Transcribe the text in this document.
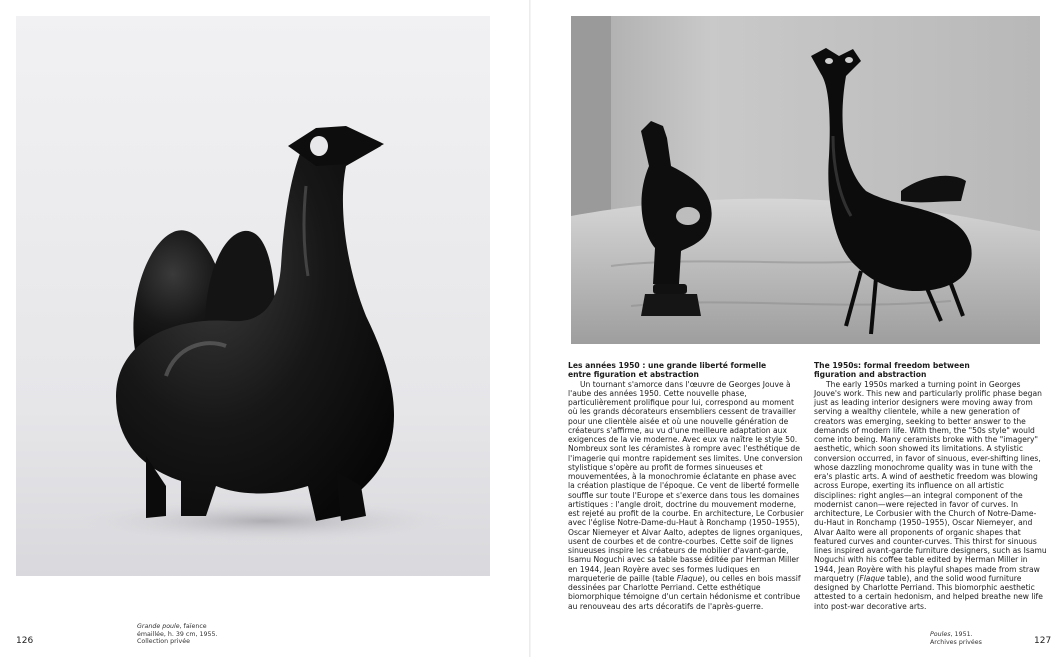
Les années 1950 : une grande liberté formelle
entre figuration et abstraction

Un tournant s'amorce dans l'œuvre de Georges Jouve à l'aube des années 1950. Cette nouvelle phase, particulièrement prolifique pour lui, correspond au moment où les grands décorateurs ensembliers cessent de travailler pour une clientèle aisée et où une nouvelle génération de créateurs s'affirme, au vu d'une meilleure adaptation aux exigences de la vie moderne. Avec eux va naître le style 50. Nombreux sont les céramistes à rompre avec l'esthétique de l'imagerie qui montre rapidement ses limites. Une conversion stylistique s'opère au profit de formes sinueuses et mouvementées, à la monochromie éclatante en phase avec la création plastique de l'époque. Ce vent de liberté formelle souffle sur toute l'Europe et s'exerce dans tous les domaines artistiques : l'angle droit, doctrine du mouvement moderne, est rejeté au profit de la courbe. En architecture, Le Corbusier avec l'église Notre-Dame-du-Haut à Ronchamp (1950–1955), Oscar Niemeyer et Alvar Aalto, adeptes de lignes organiques, usent de courbes et de contre-courbes. Cette soif de lignes sinueuses inspire les créateurs de mobilier d'avant-garde, Isamu Noguchi avec sa table basse éditée par Herman Miller en 1944, Jean Royère avec ses formes ludiques en marqueterie de paille (table Flaque), ou celles en bois massif dessinées par Charlotte Perriand. Cette esthétique biomorphique témoigne d'un certain hédonisme et contribue au renouveau des arts décoratifs de l'après-guerre.

The 1950s: formal freedom between
figuration and abstraction

The early 1950s marked a turning point in Georges Jouve's work. This new and particularly prolific phase began just as leading interior designers were moving away from serving a wealthy clientele, while a new generation of creators was emerging, seeking to better answer to the demands of modern life. With them, the "50s style" would come into being. Many ceramists broke with the "imagery" aesthetic, which soon showed its limitations. A stylistic conversion occurred, in favor of sinuous, ever-shifting lines, whose dazzling monochrome quality was in tune with the era's plastic arts. A wind of aesthetic freedom was blowing across Europe, exerting its influence on all artistic disciplines: right angles—an integral component of the modernist canon—were rejected in favor of curves. In architecture, Le Corbusier with the Church of Notre-Dame-du-Haut in Ronchamp (1950–1955), Oscar Niemeyer, and Alvar Aalto were all proponents of organic shapes that featured curves and counter-curves. This thirst for sinuous lines inspired avant-garde furniture designers, such as Isamu Noguchi with his coffee table edited by Herman Miller in 1944, Jean Royère with his playful shapes made from straw marquetry (Flaque table), and the solid wood furniture designed by Charlotte Perriand. This biomorphic aesthetic attested to a certain hedonism, and helped breathe new life into post-war decorative arts.

Grande poule, faïence
émaillée, h. 39 cm, 1955.
Collection privée
Poules, 1951.
Archives privées
126	127
